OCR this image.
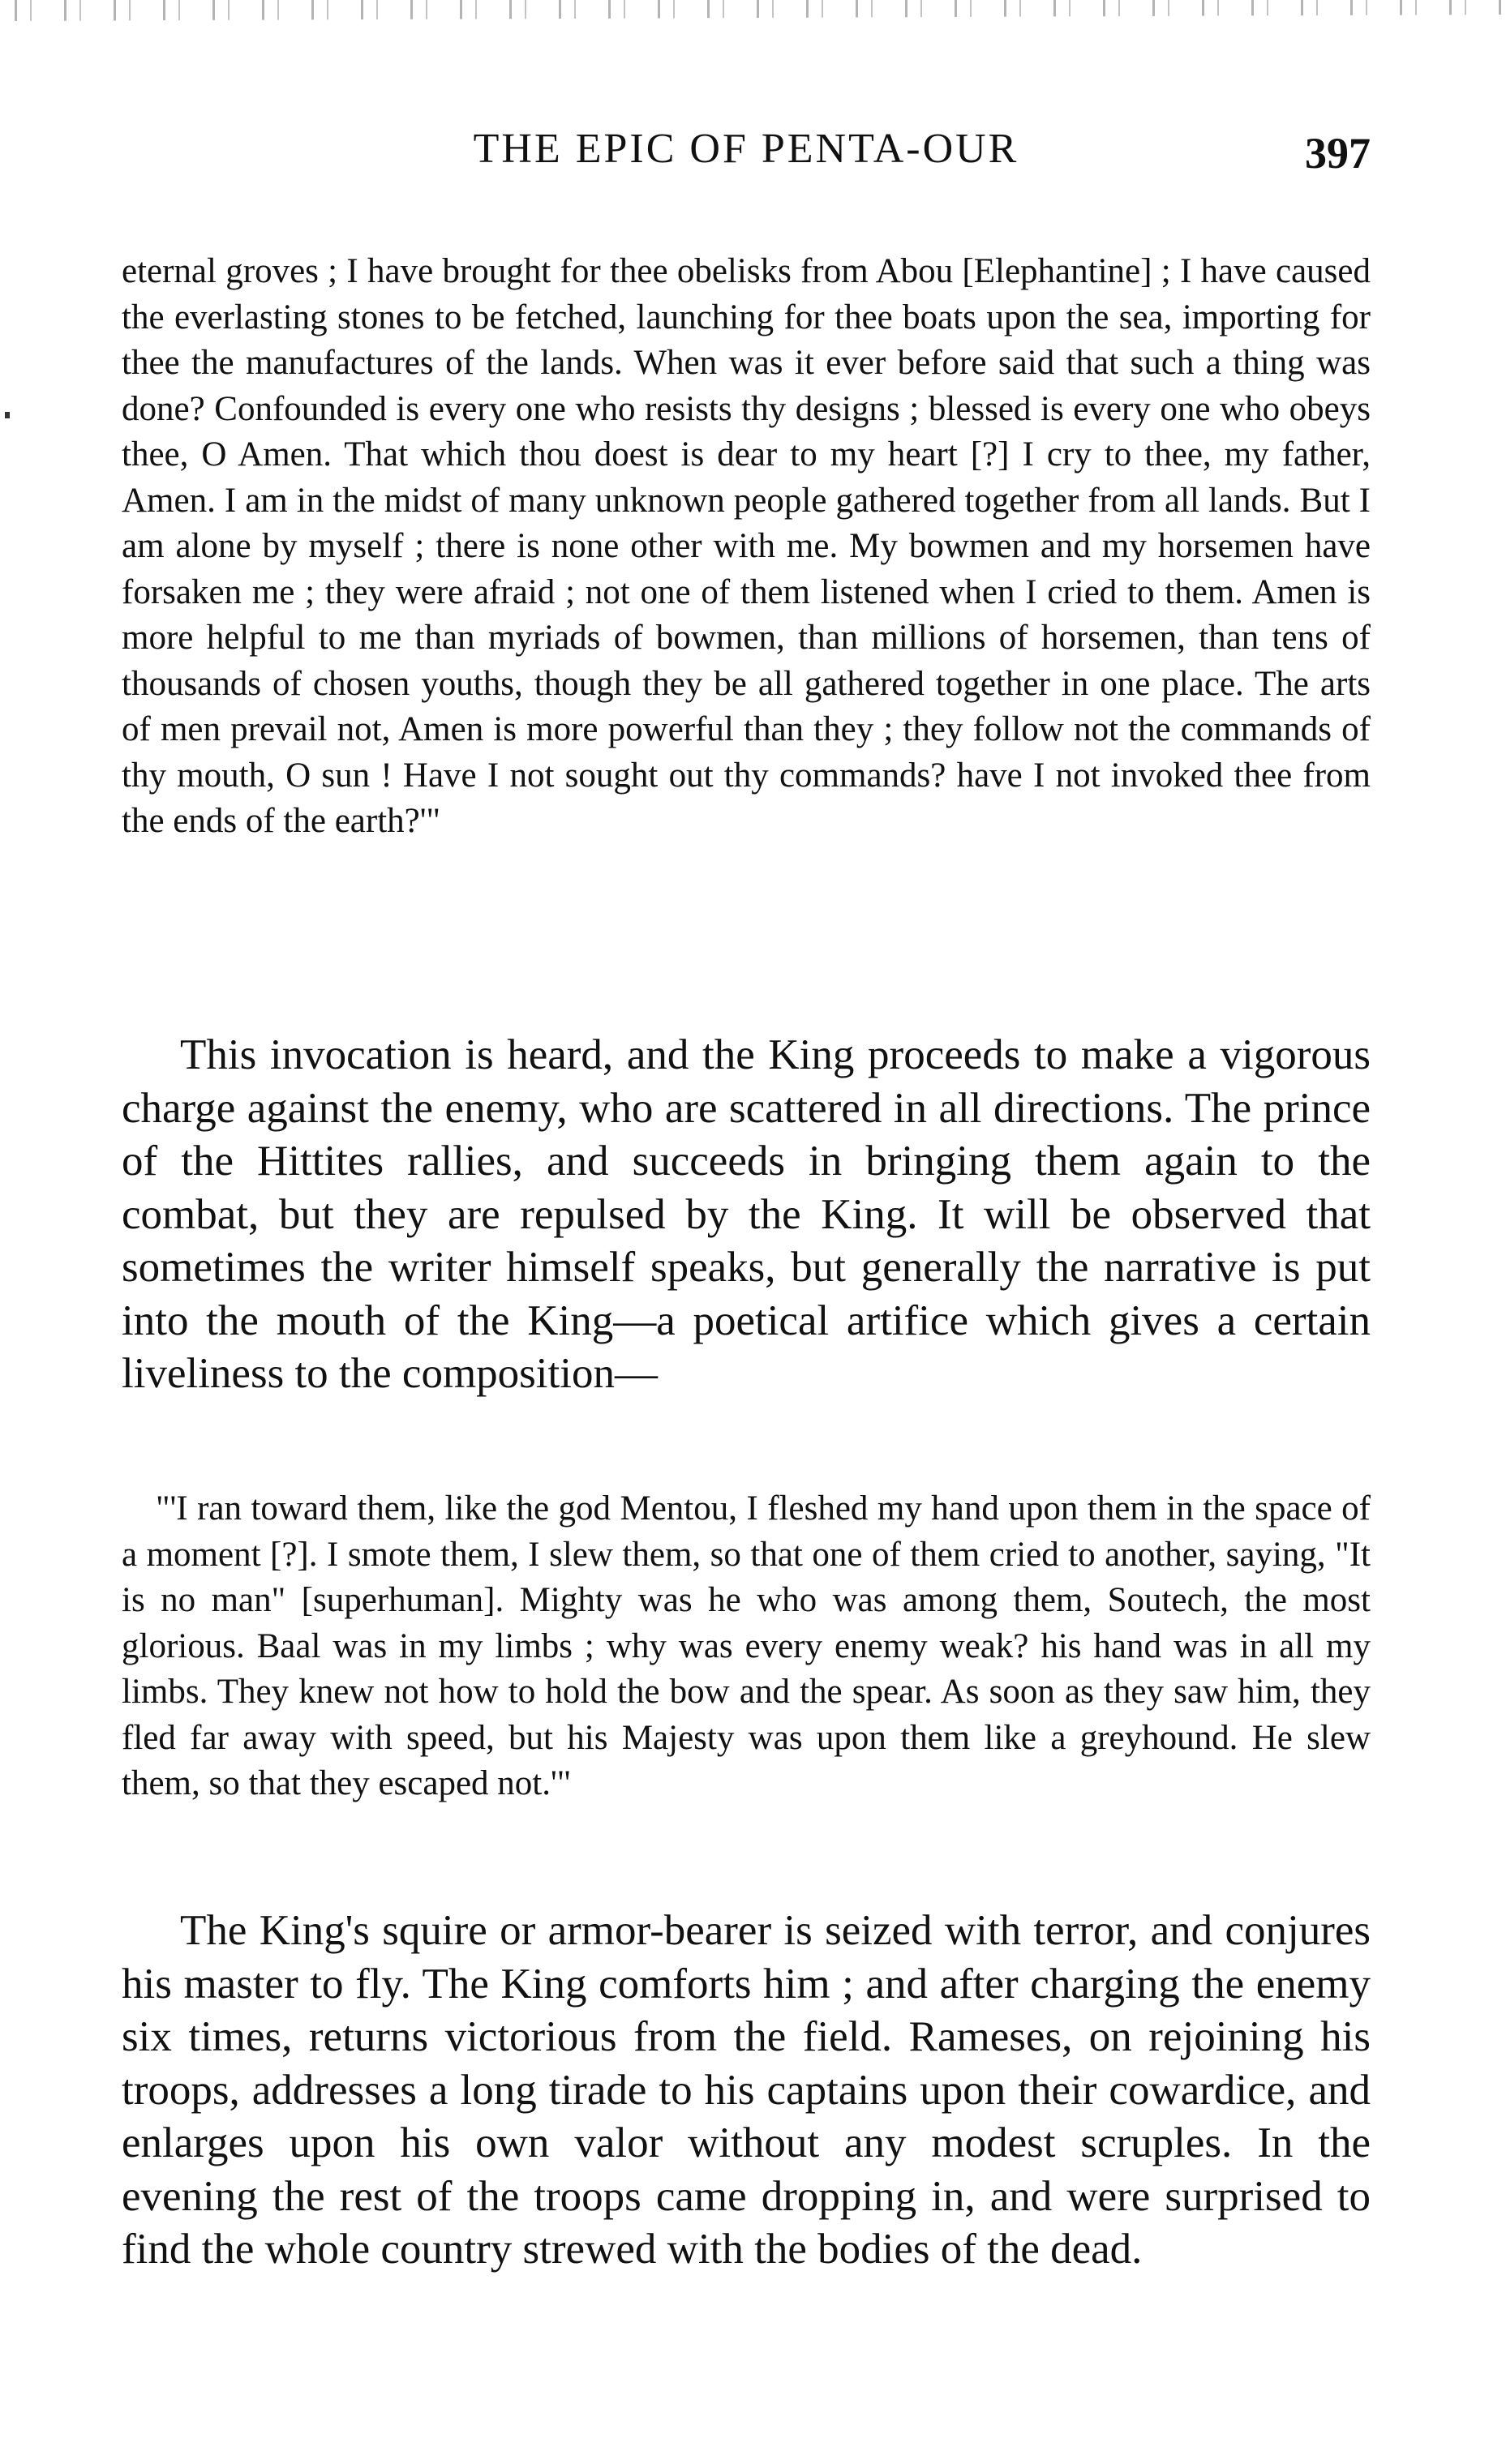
THE EPIC OF PENTA-OUR	397

eternal groves ; I have brought for thee obelisks from Abou [Elephantine] ; I have caused the everlasting stones to be fetched, launching for thee boats upon the sea, importing for thee the manufactures of the lands. When was it ever before said that such a thing was done? Confounded is every one who resists thy designs ; blessed is every one who obeys thee, O Amen. That which thou doest is dear to my heart [?] I cry to thee, my father, Amen. I am in the midst of many unknown people gathered together from all lands. But I am alone by myself ; there is none other with me. My bowmen and my horsemen have forsaken me ; they were afraid ; not one of them listened when I cried to them. Amen is more helpful to me than myriads of bowmen, than millions of horsemen, than tens of thousands of chosen youths, though they be all gathered together in one place. The arts of men prevail not, Amen is more powerful than they ; they follow not the commands of thy mouth, O sun ! Have I not sought out thy commands? have I not invoked thee from the ends of the earth?'"

This invocation is heard, and the King proceeds to make a vigorous charge against the enemy, who are scattered in all directions. The prince of the Hittites rallies, and succeeds in bringing them again to the combat, but they are repulsed by the King. It will be observed that sometimes the writer himself speaks, but generally the narrative is put into the mouth of the King—a poetical artifice which gives a certain liveliness to the composition—

"'I ran toward them, like the god Mentou, I fleshed my hand upon them in the space of a moment [?]. I smote them, I slew them, so that one of them cried to another, saying, "It is no man" [superhuman]. Mighty was he who was among them, Soutech, the most glorious. Baal was in my limbs ; why was every enemy weak? his hand was in all my limbs. They knew not how to hold the bow and the spear. As soon as they saw him, they fled far away with speed, but his Majesty was upon them like a greyhound. He slew them, so that they escaped not.'"

The King's squire or armor-bearer is seized with terror, and conjures his master to fly. The King comforts him ; and after charging the enemy six times, returns victorious from the field. Rameses, on rejoining his troops, addresses a long tirade to his captains upon their cowardice, and enlarges upon his own valor without any modest scruples. In the evening the rest of the troops came dropping in, and were surprised to find the whole country strewed with the bodies of the dead.
